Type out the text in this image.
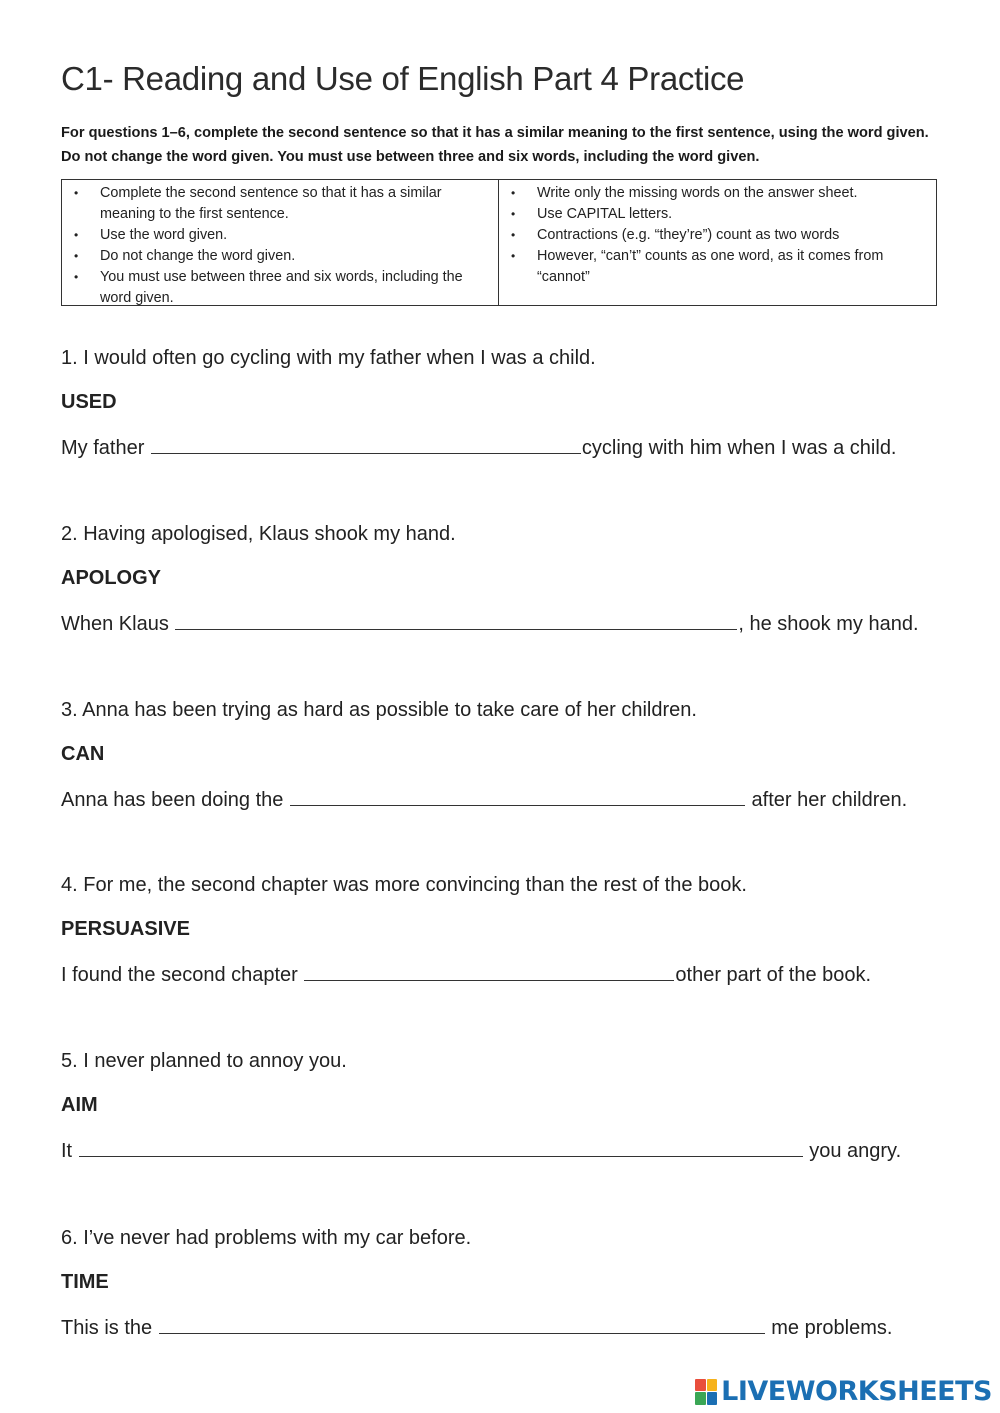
C1- Reading and Use of English Part 4 Practice
For questions 1–6, complete the second sentence so that it has a similar meaning to the first sentence, using the word given. Do not change the word given. You must use between three and six words, including the word given.
• Complete the second sentence so that it has a similar meaning to the first sentence.
• Use the word given.
• Do not change the word given.
• You must use between three and six words, including the word given.
• Write only the missing words on the answer sheet.
• Use CAPITAL letters.
• Contractions (e.g. “they’re”) count as two words
• However, “can’t” counts as one word, as it comes from “cannot”
1. I would often go cycling with my father when I was a child.
USED
My father	cycling with him when I was a child.
2. Having apologised, Klaus shook my hand.
APOLOGY
When Klaus	, he shook my hand.
3. Anna has been trying as hard as possible to take care of her children.
CAN
Anna has been doing the	after her children.
4. For me, the second chapter was more convincing than the rest of the book.
PERSUASIVE
I found the second chapter	other part of the book.
5. I never planned to annoy you.
AIM
It	you angry.
6. I’ve never had problems with my car before.
TIME
This is the	me problems.
LIVEWORKSHEETS
